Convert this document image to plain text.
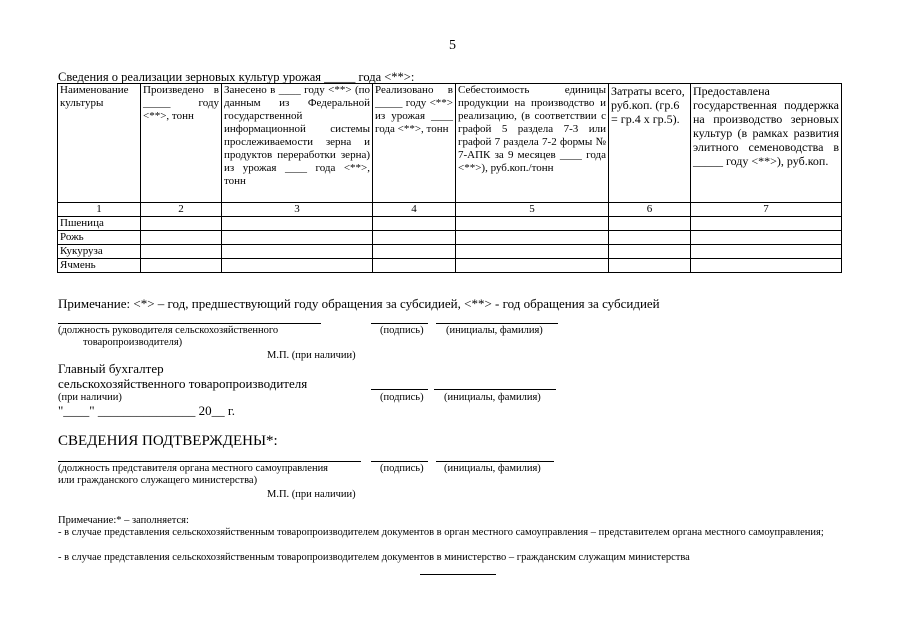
5
Сведения о реализации зерновых культур урожая _____ года <**>:
Наименование культуры	Произведено в _____ году <**>, тонн	Занесено в ____ году <**> (по данным из Федеральной государственной информационной системы прослеживаемости зерна и продуктов переработки зерна) из урожая ____ года <**>, тонн	Реализовано в _____ году <**> из урожая ____ года <**>, тонн	Себестоимость единицы продукции на производство и реализацию, (в соответствии с графой 5 раздела 7-3 или графой 7 раздела 7-2 формы № 7-АПК за 9 месяцев ____ года <**>), руб.коп./тонн	Затраты всего, руб.коп. (гр.6 = гр.4 х гр.5).	Предоставлена государственная поддержка на производство зерновых культур (в рамках развития элитного семеноводства в _____ году <**>), руб.коп.
1	2	3	4	5	6	7
Пшеница						
Рожь						
Кукуруза						
Ячмень						
Примечание: <*> – год, предшествующий году обращения за субсидией, <**> - год обращения за субсидией
(должность руководителя сельскохозяйственного
товаропроизводителя)
(подпись) (инициалы, фамилия)
М.П. (при наличии)
Главный бухгалтер
сельскохозяйственного товаропроизводителя
(при наличии)	(подпись) (инициалы, фамилия)
"____" _______________ 20__ г.
СВЕДЕНИЯ ПОДТВЕРЖДЕНЫ*:
(должность представителя органа местного самоуправления
или гражданского служащего министерства)
(подпись) (инициалы, фамилия)
М.П. (при наличии)
Примечание:* – заполняется:
- в случае представления сельскохозяйственным товаропроизводителем документов в орган местного самоуправления – представителем органа местного самоуправления;
- в случае представления сельскохозяйственным товаропроизводителем документов в министерство – гражданским служащим министерства
